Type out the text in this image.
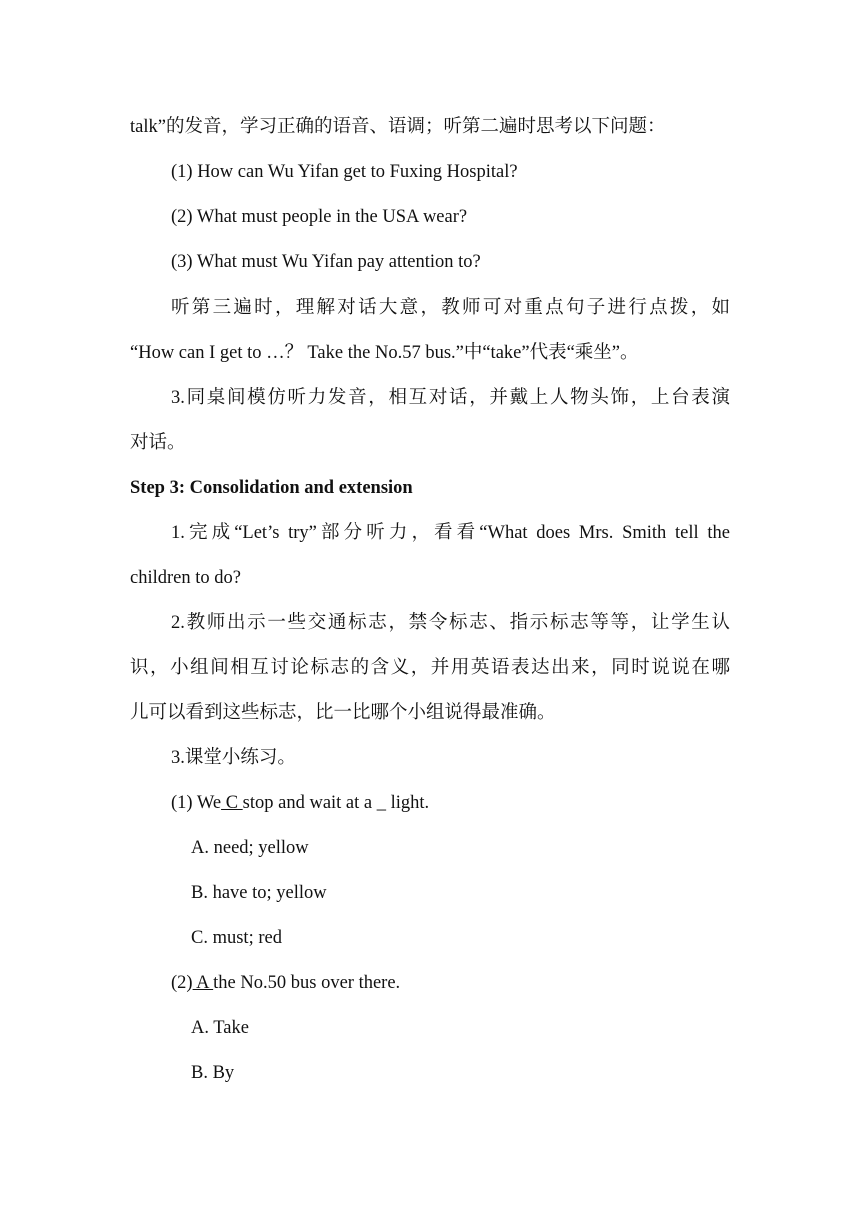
talk”的发音，学习正确的语音、语调；听第二遍时思考以下问题：
(1) How can Wu Yifan get to Fuxing Hospital?
(2) What must people in the USA wear?
(3) What must Wu Yifan pay attention to?
听第三遍时，理解对话大意，教师可对重点句子进行点拨，如
“How can I get to …？ Take the No.57 bus.”中“take”代表“乘坐”。
3.同桌间模仿听力发音，相互对话，并戴上人物头饰，上台表演
对话。
Step 3: Consolidation and extension
1.完成“Let’s try”部分听力，看看“What does Mrs. Smith tell the
children to do?
2.教师出示一些交通标志，禁令标志、指示标志等等，让学生认
识，小组间相互讨论标志的含义，并用英语表达出来，同时说说在哪
儿可以看到这些标志，比一比哪个小组说得最准确。
3.课堂小练习。
(1) We C stop and wait at a _ light.
A. need; yellow
B. have to; yellow
C. must; red
(2) A the No.50 bus over there.
A. Take
B. By
